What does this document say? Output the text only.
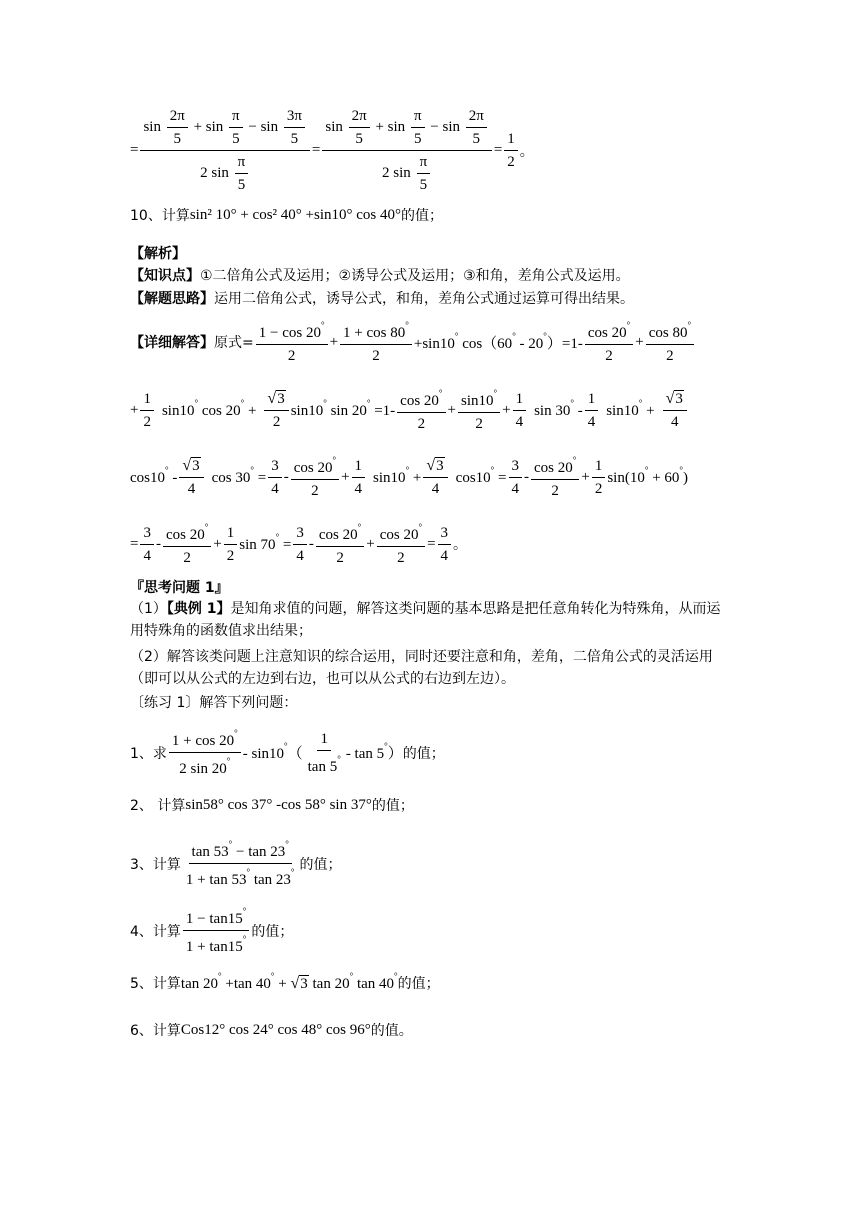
= $\frac{\sin \frac{2\pi}{5} + \sin \frac{\pi}{5} - \sin \frac{3\pi}{5}}{2 \sin \frac{\pi}{5}} = \frac{\sin \frac{2\pi}{5} + \sin \frac{\pi}{5} - \sin \frac{2\pi}{5}}{2 \sin \frac{\pi}{5}} = \frac{1}{2}$ 。
10、计算 sin² 10° + cos² 40° +sin10° cos 40° 的值；
【解析】
【知识点】 ①二倍角公式及运用；②诱导公式及运用；③和角，差角公式及运用。
【解题思路】 运用二倍角公式，诱导公式，和角，差角公式通过运算可得出结果。
【详细解答】 原式= $\frac{1 - \cos 20^\circ}{2} + \frac{1 + \cos 80^\circ}{2} +\sin 10^\circ$ $\cos(60^\circ - 20^\circ)=1- \frac{\cos 20^\circ}{2} + \frac{\cos 80^\circ}{2}$
+ $\frac{1}{2} \sin 10^\circ$ $\cos 20^\circ + \frac{√3}{2} \sin 10^\circ$ $\sin 20^\circ =1- \frac{\cos 20^\circ}{2} + \frac{\sin 10^\circ}{2} + \frac{1}{4}$ $\sin 30^\circ - \frac{1}{4} \sin 10^\circ + \frac{√3}{4}$
$\cos 10^\circ - \frac{√3}{4}$ $\cos 30^\circ = \frac{3}{4} - \frac{\cos 20^\circ}{2} + \frac{1}{4} \sin 10^\circ + \frac{√3}{4} \cos 10^\circ = \frac{3}{4} - \frac{\cos 20^\circ}{2} + \frac{1}{2} \sin(10^\circ + 60^\circ)$
= $\frac{3}{4} - \frac{\cos 20^\circ}{2} + \frac{1}{2}$ $\sin 70^\circ = \frac{3}{4} - \frac{\cos 20^\circ}{2} + \frac{\cos 20^\circ}{2} = \frac{3}{4}$ 。
『思考问题 1』
（1）【典例 1】是知角求值的问题，解答这类问题的基本思路是把任意角转化为特殊角，从而运用特殊角的函数值求出结果；
（2）解答该类问题上注意知识的综合运用，同时还要注意和角，差角，二倍角公式的灵活运用（即可以从公式的左边到右边，也可以从公式的右边到左边）。
〔练习 1〕解答下列问题：
1、求 $\frac{1 + \cos 20^\circ}{2 \sin 20^\circ} - \sin 10^\circ( \frac{1}{\tan 5^\circ}$ - tan 5°） 的值；
2、 计算 sin58° cos 37° -cos 58° sin 37° 的值；
3、计算 $\frac{\tan 53^\circ - \tan 23^\circ}{1 + \tan 53^\circ \tan 23^\circ}$ 的值；
4、计算 $\frac{1 - \tan 15^\circ}{1 + \tan 15^\circ}$ 的值；
5、计算 tan 20° +tan 40° + √3 tan 20° tan 40°
的值；
6、计算 Cos12° cos 24° cos 48° cos 96° 的值。
